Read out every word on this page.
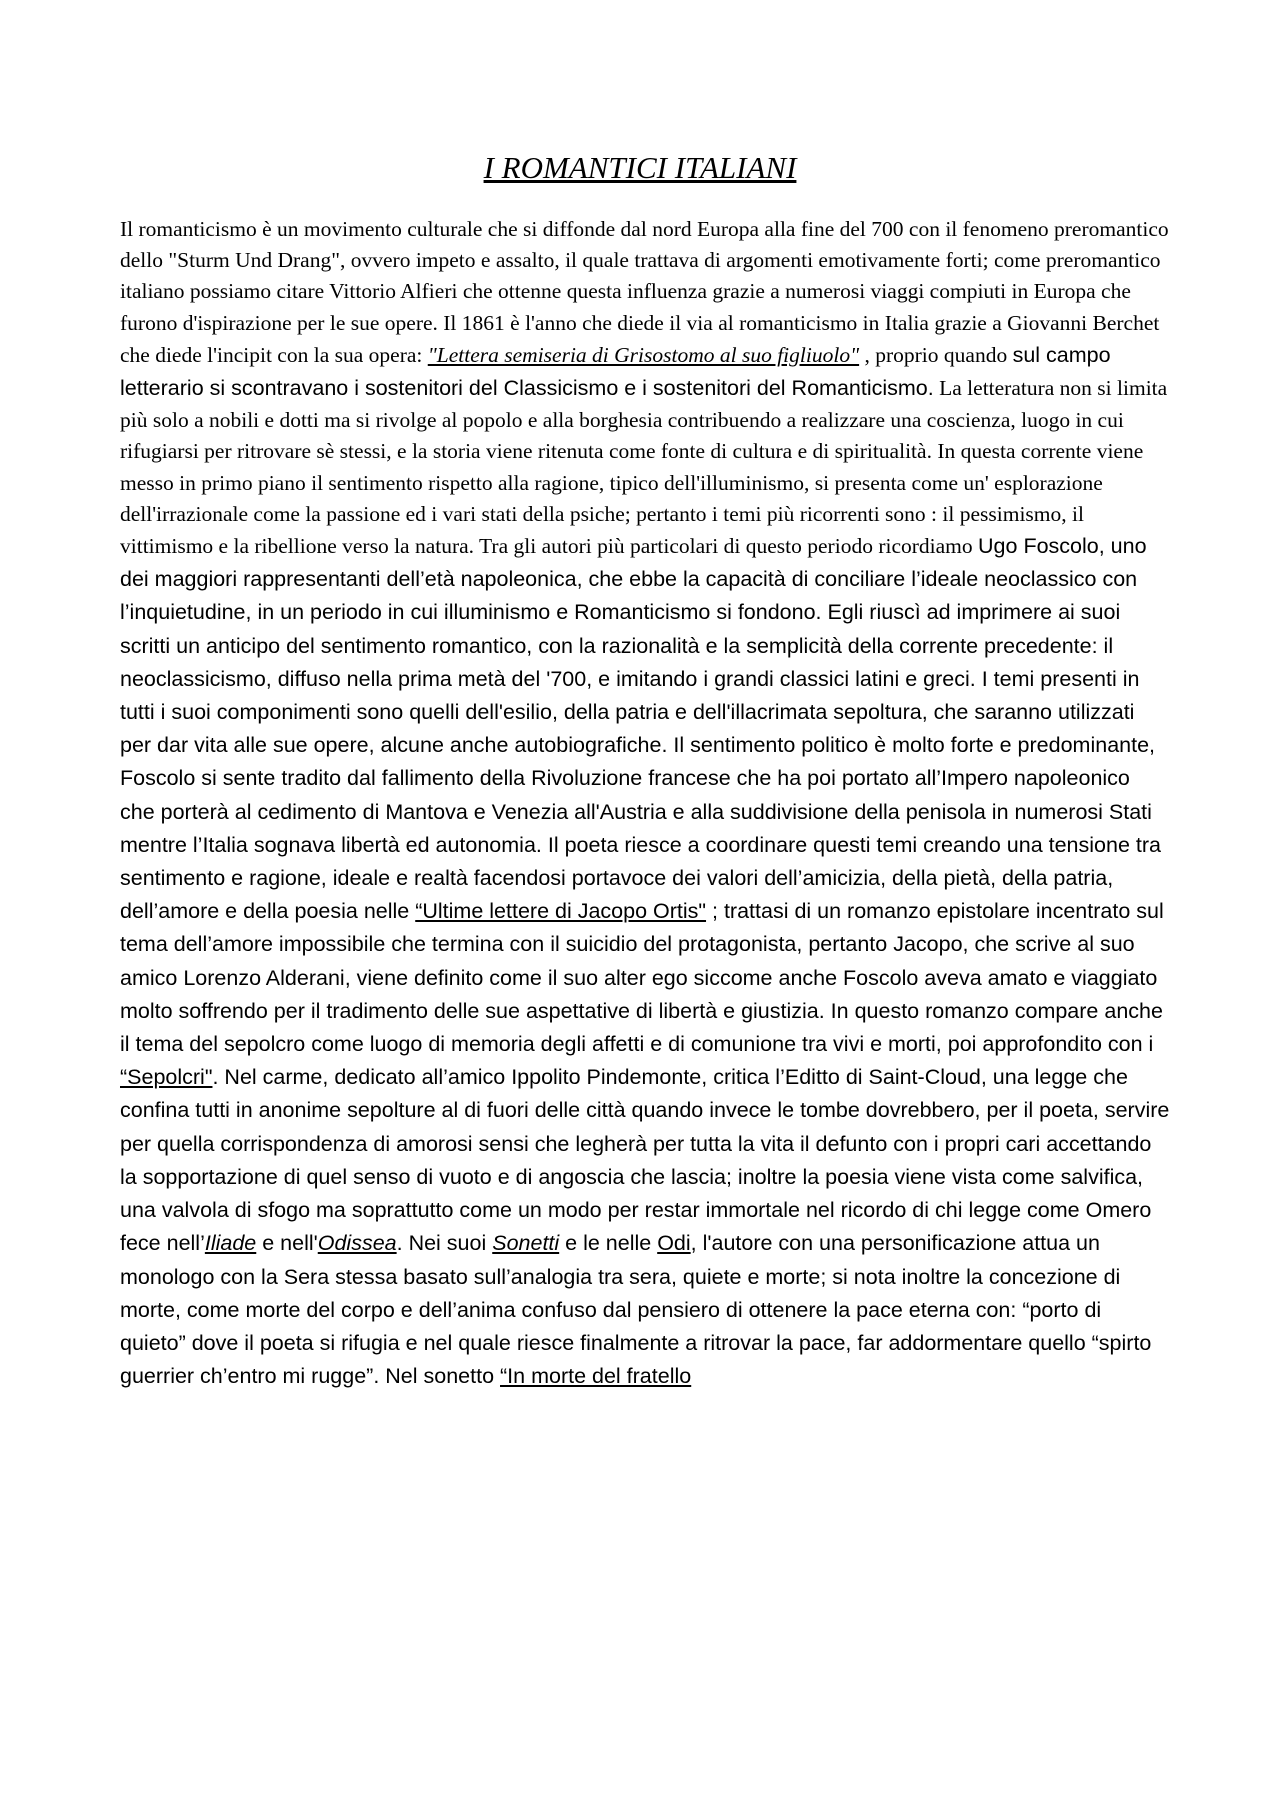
I ROMANTICI ITALIANI

Il romanticismo è un movimento culturale che si diffonde dal nord Europa alla fine del 700 con il fenomeno preromantico dello "Sturm Und Drang", ovvero impeto e assalto, il quale trattava di argomenti emotivamente forti; come preromantico italiano possiamo citare Vittorio Alfieri che ottenne questa influenza grazie a numerosi viaggi compiuti in Europa che furono d'ispirazione per le sue opere. Il 1861 è l'anno che diede il via al romanticismo in Italia grazie a Giovanni Berchet che diede l'incipit con la sua opera: "Lettera semiseria di Grisostomo al suo figliuolo" , proprio quando sul campo letterario si scontravano i sostenitori del Classicismo e i sostenitori del Romanticismo. La letteratura non si limita più solo a nobili e dotti ma si rivolge al popolo e alla borghesia contribuendo a realizzare una coscienza, luogo in cui rifugiarsi per ritrovare sè stessi, e la storia viene ritenuta come fonte di cultura e di spiritualità. In questa corrente viene messo in primo piano il sentimento rispetto alla ragione, tipico dell'illuminismo, si presenta come un' esplorazione dell'irrazionale come la passione ed i vari stati della psiche; pertanto i temi più ricorrenti sono : il pessimismo, il vittimismo e la ribellione verso la natura. Tra gli autori più particolari di questo periodo ricordiamo Ugo Foscolo, uno dei maggiori rappresentanti dell’età napoleonica, che ebbe la capacità di conciliare l’ideale neoclassico con l’inquietudine, in un periodo in cui illuminismo e Romanticismo si fondono. Egli riuscì ad imprimere ai suoi scritti un anticipo del sentimento romantico, con la razionalità e la semplicità della corrente precedente: il neoclassicismo, diffuso nella prima metà del '700, e imitando i grandi classici latini e greci. I temi presenti in tutti i suoi componimenti sono quelli dell'esilio, della patria e dell'illacrimata sepoltura, che saranno utilizzati per dar vita alle sue opere, alcune anche autobiografiche. Il sentimento politico è molto forte e predominante, Foscolo si sente tradito dal fallimento della Rivoluzione francese che ha poi portato all’Impero napoleonico che porterà al cedimento di Mantova e Venezia all'Austria e alla suddivisione della penisola in numerosi Stati mentre l’Italia sognava libertà ed autonomia. Il poeta riesce a coordinare questi temi creando una tensione tra sentimento e ragione, ideale e realtà facendosi portavoce dei valori dell’amicizia, della pietà, della patria, dell’amore e della poesia nelle “Ultime lettere di Jacopo Ortis" ; trattasi di un romanzo epistolare incentrato sul tema dell’amore impossibile che termina con il suicidio del protagonista, pertanto Jacopo, che scrive al suo amico Lorenzo Alderani, viene definito come il suo alter ego siccome anche Foscolo aveva amato e viaggiato molto soffrendo per il tradimento delle sue aspettative di libertà e giustizia. In questo romanzo compare anche il tema del sepolcro come luogo di memoria degli affetti e di comunione tra vivi e morti, poi approfondito con i “Sepolcri". Nel carme, dedicato all’amico Ippolito Pindemonte, critica l’Editto di Saint-Cloud, una legge che confina tutti in anonime sepolture al di fuori delle città quando invece le tombe dovrebbero, per il poeta, servire per quella corrispondenza di amorosi sensi che legherà per tutta la vita il defunto con i propri cari accettando la sopportazione di quel senso di vuoto e di angoscia che lascia; inoltre la poesia viene vista come salvifica, una valvola di sfogo ma soprattutto come un modo per restar immortale nel ricordo di chi legge come Omero fece nell’Iliade e nell'Odissea. Nei suoi Sonetti e le nelle Odi, l'autore con una personificazione attua un monologo con la Sera stessa basato sull’analogia tra sera, quiete e morte; si nota inoltre la concezione di morte, come morte del corpo e dell’anima confuso dal pensiero di ottenere la pace eterna con: “porto di quieto” dove il poeta si rifugia e nel quale riesce finalmente a ritrovar la pace, far addormentare quello “spirto guerrier ch’entro mi rugge”. Nel sonetto “In morte del fratello
